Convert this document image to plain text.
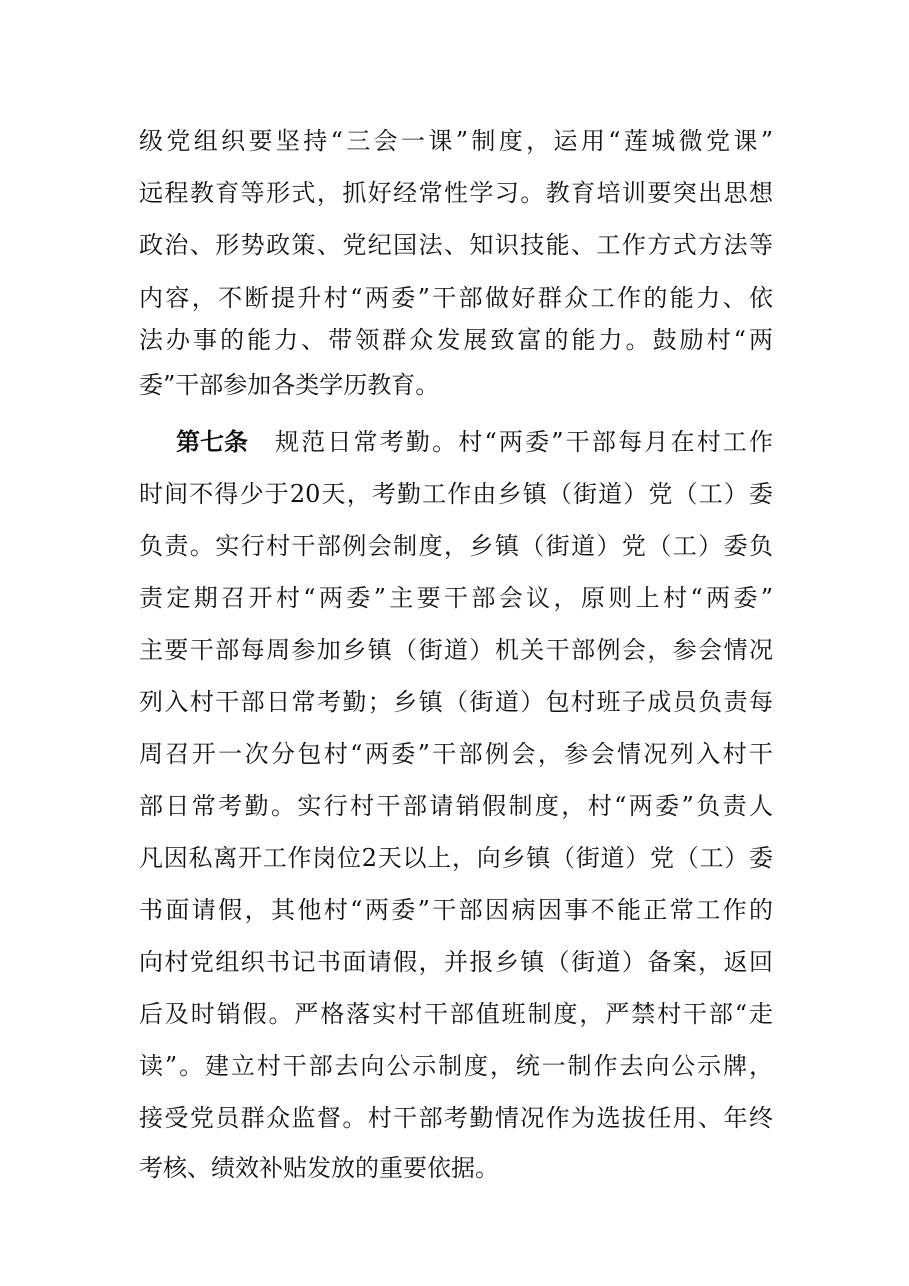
级党组织要坚持“三会一课”制度，运用“莲城微党课”
远程教育等形式，抓好经常性学习。教育培训要突出思想
政治、形势政策、党纪国法、知识技能、工作方式方法等
内容，不断提升村“两委”干部做好群众工作的能力、依
法办事的能力、带领群众发展致富的能力。鼓励村“两
委”干部参加各类学历教育。
第七条	规范日常考勤。村“两委”干部每月在村工作
时间不得少于20天，考勤工作由乡镇（街道）党（工）委
负责。实行村干部例会制度，乡镇（街道）党（工）委负
责定期召开村“两委”主要干部会议，原则上村“两委”
主要干部每周参加乡镇（街道）机关干部例会，参会情况
列入村干部日常考勤；乡镇（街道）包村班子成员负责每
周召开一次分包村“两委”干部例会，参会情况列入村干
部日常考勤。实行村干部请销假制度，村“两委”负责人
凡因私离开工作岗位2天以上，向乡镇（街道）党（工）委
书面请假，其他村“两委”干部因病因事不能正常工作的
向村党组织书记书面请假，并报乡镇（街道）备案，返回
后及时销假。严格落实村干部值班制度，严禁村干部“走
读”。建立村干部去向公示制度，统一制作去向公示牌，
接受党员群众监督。村干部考勤情况作为选拔任用、年终
考核、绩效补贴发放的重要依据。
